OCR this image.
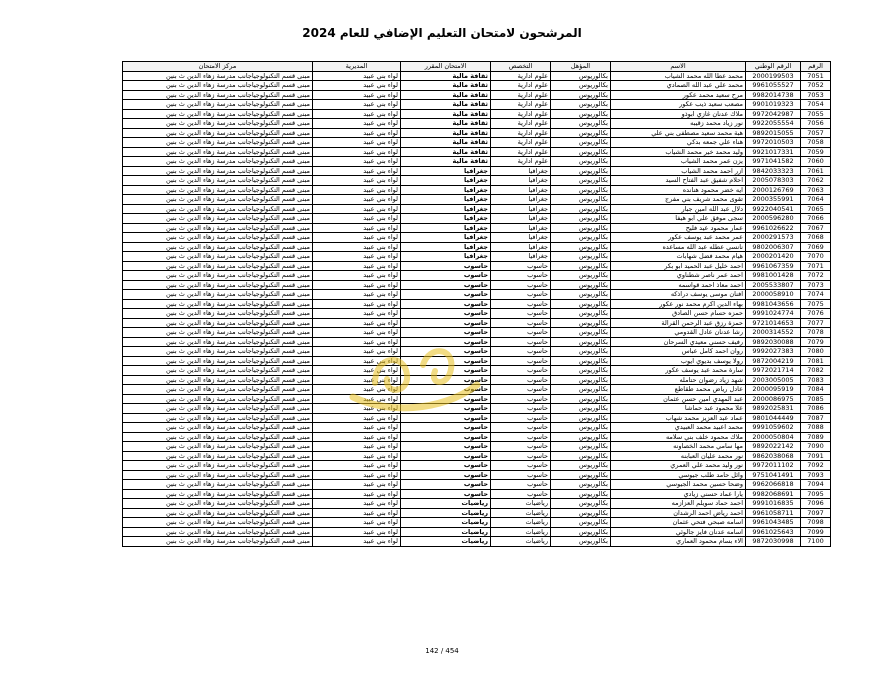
المرشحون لامتحان التعليم الإضافي للعام 2024
الرقم	الرقم الوطني	الاسم	المؤهل	التخصص	الامتحان المقرر	المديرية	مركز الامتحان
7051	2000199503	محمد عطا الله محمد الشياب	بكالوريوس	علوم ادارية	ثقافة مالية	لواء بني عبيد	مبنى قسم التكنولوجياجانب مدرسة زهاء الدين ث بنين
7052	9961055527	محمد علي عبد الله الصمادي	بكالوريوس	علوم ادارية	ثقافة مالية	لواء بني عبيد	مبنى قسم التكنولوجياجانب مدرسة زهاء الدين ث بنين
7053	9982014738	مرح سعيد محمد عكور	بكالوريوس	علوم ادارية	ثقافة مالية	لواء بني عبيد	مبنى قسم التكنولوجياجانب مدرسة زهاء الدين ث بنين
7054	9901019323	مصعب سعيد ذيب عكور	بكالوريوس	علوم ادارية	ثقافة مالية	لواء بني عبيد	مبنى قسم التكنولوجياجانب مدرسة زهاء الدين ث بنين
7055	9972042987	ملاك عدنان غازي ابوذو	بكالوريوس	علوم ادارية	ثقافة مالية	لواء بني عبيد	مبنى قسم التكنولوجياجانب مدرسة زهاء الدين ث بنين
7056	9922055554	نور زياد محمد زقيبه	بكالوريوس	علوم ادارية	ثقافة مالية	لواء بني عبيد	مبنى قسم التكنولوجياجانب مدرسة زهاء الدين ث بنين
7057	9892015055	هبة محمد سعيد مصطفى بني علي	بكالوريوس	علوم ادارية	ثقافة مالية	لواء بني عبيد	مبنى قسم التكنولوجياجانب مدرسة زهاء الدين ث بنين
7058	9972010503	هناء علي جمعه بدكي	بكالوريوس	علوم ادارية	ثقافة مالية	لواء بني عبيد	مبنى قسم التكنولوجياجانب مدرسة زهاء الدين ث بنين
7059	9921017331	وليد محمد خير محمد الشياب	بكالوريوس	علوم ادارية	ثقافة مالية	لواء بني عبيد	مبنى قسم التكنولوجياجانب مدرسة زهاء الدين ث بنين
7060	9971041582	يزن عمر محمد الشياب	بكالوريوس	علوم ادارية	ثقافة مالية	لواء بني عبيد	مبنى قسم التكنولوجياجانب مدرسة زهاء الدين ث بنين
7061	9842033323	ازر احمد محمد الشياب	بكالوريوس	جغرافيا	جغرافيا	لواء بني عبيد	مبنى قسم التكنولوجياجانب مدرسة زهاء الدين ث بنين
7062	2005078303	احلام شفيق عبد الفتاح السيد	بكالوريوس	جغرافيا	جغرافيا	لواء بني عبيد	مبنى قسم التكنولوجياجانب مدرسة زهاء الدين ث بنين
7063	2000126769	ايه خضر محمود هنانده	بكالوريوس	جغرافيا	جغرافيا	لواء بني عبيد	مبنى قسم التكنولوجياجانب مدرسة زهاء الدين ث بنين
7064	2000355991	تقوى محمد شريف بني مفرج	بكالوريوس	جغرافيا	جغرافيا	لواء بني عبيد	مبنى قسم التكنولوجياجانب مدرسة زهاء الدين ث بنين
7065	9922040541	دلال عبد الله امين جبار	بكالوريوس	جغرافيا	جغرافيا	لواء بني عبيد	مبنى قسم التكنولوجياجانب مدرسة زهاء الدين ث بنين
7066	2000596280	سجى موفق علي ابو هيفا	بكالوريوس	جغرافيا	جغرافيا	لواء بني عبيد	مبنى قسم التكنولوجياجانب مدرسة زهاء الدين ث بنين
7067	9961026622	عمار محمود عيد فليح	بكالوريوس	جغرافيا	جغرافيا	لواء بني عبيد	مبنى قسم التكنولوجياجانب مدرسة زهاء الدين ث بنين
7068	2000291573	عمر محمد عبد يوسف عكور	بكالوريوس	جغرافيا	جغرافيا	لواء بني عبيد	مبنى قسم التكنولوجياجانب مدرسة زهاء الدين ث بنين
7069	9802006307	نانسي عطله عبد الله مساعده	بكالوريوس	جغرافيا	جغرافيا	لواء بني عبيد	مبنى قسم التكنولوجياجانب مدرسة زهاء الدين ث بنين
7070	2000201420	هيام محمد فضل شهابات	بكالوريوس	جغرافيا	جغرافيا	لواء بني عبيد	مبنى قسم التكنولوجياجانب مدرسة زهاء الدين ث بنين
7071	9961067359	احمد خليل عبد الحميد ابو بكر	بكالوريوس	حاسوب	حاسوب	لواء بني عبيد	مبنى قسم التكنولوجياجانب مدرسة زهاء الدين ث بنين
7072	9981001428	احمد عمر ناصر شطناوي	بكالوريوس	حاسوب	حاسوب	لواء بني عبيد	مبنى قسم التكنولوجياجانب مدرسة زهاء الدين ث بنين
7073	2005533807	احمد معاذ احمد قواسمه	بكالوريوس	حاسوب	حاسوب	لواء بني عبيد	مبنى قسم التكنولوجياجانب مدرسة زهاء الدين ث بنين
7074	2000058910	افنان موسى يوسف دراذكه	بكالوريوس	حاسوب	حاسوب	لواء بني عبيد	مبنى قسم التكنولوجياجانب مدرسة زهاء الدين ث بنين
7075	9981043656	بهاء الدين اكرم محمد نور عكور	بكالوريوس	حاسوب	حاسوب	لواء بني عبيد	مبنى قسم التكنولوجياجانب مدرسة زهاء الدين ث بنين
7076	9991024774	حمزه حسام حسن الصادق	بكالوريوس	حاسوب	حاسوب	لواء بني عبيد	مبنى قسم التكنولوجياجانب مدرسة زهاء الدين ث بنين
7077	9721014653	حمزة رزق عبد الرحمن القرالة	بكالوريوس	حاسوب	حاسوب	لواء بني عبيد	مبنى قسم التكنولوجياجانب مدرسة زهاء الدين ث بنين
7078	2000314552	رشا عدنان عادل القدومي	بكالوريوس	حاسوب	حاسوب	لواء بني عبيد	مبنى قسم التكنولوجياجانب مدرسة زهاء الدين ث بنين
7079	9892030088	رفيف حسني معيدي السرحان	بكالوريوس	حاسوب	حاسوب	لواء بني عبيد	مبنى قسم التكنولوجياجانب مدرسة زهاء الدين ث بنين
7080	9992027383	روان احمد كامل عباس	بكالوريوس	حاسوب	حاسوب	لواء بني عبيد	مبنى قسم التكنولوجياجانب مدرسة زهاء الدين ث بنين
7081	9872004219	رولا يوسف بديوي ايوب	بكالوريوس	حاسوب	حاسوب	لواء بني عبيد	مبنى قسم التكنولوجياجانب مدرسة زهاء الدين ث بنين
7082	9972021714	سارة محمد عبد يوسف عكور	بكالوريوس	حاسوب	حاسوب	لواء بني عبيد	مبنى قسم التكنولوجياجانب مدرسة زهاء الدين ث بنين
7083	2003005005	شهد زياد رضوان حتامله	بكالوريوس	حاسوب	حاسوب	لواء بني عبيد	مبنى قسم التكنولوجياجانب مدرسة زهاء الدين ث بنين
7084	2000095919	عادل رياض محمد طقاطع	بكالوريوس	حاسوب	حاسوب	لواء بني عبيد	مبنى قسم التكنولوجياجانب مدرسة زهاء الدين ث بنين
7085	2000086975	عبد المهدي امين حسن عثمان	بكالوريوس	حاسوب	حاسوب	لواء بني عبيد	مبنى قسم التكنولوجياجانب مدرسة زهاء الدين ث بنين
7086	9892025831	علا محمود عبد حماشا	بكالوريوس	حاسوب	حاسوب	لواء بني عبيد	مبنى قسم التكنولوجياجانب مدرسة زهاء الدين ث بنين
7087	9801044449	عماد عبد العزيز محمد شهاب	بكالوريوس	حاسوب	حاسوب	لواء بني عبيد	مبنى قسم التكنولوجياجانب مدرسة زهاء الدين ث بنين
7088	9991059602	محمد اعبيد محمد العبيدي	بكالوريوس	حاسوب	حاسوب	لواء بني عبيد	مبنى قسم التكنولوجياجانب مدرسة زهاء الدين ث بنين
7089	2000050804	ملاك محمود خلف بني سلامه	بكالوريوس	حاسوب	حاسوب	لواء بني عبيد	مبنى قسم التكنولوجياجانب مدرسة زهاء الدين ث بنين
7090	9892022142	مها سامي محمد الخصاونه	بكالوريوس	حاسوب	حاسوب	لواء بني عبيد	مبنى قسم التكنولوجياجانب مدرسة زهاء الدين ث بنين
7091	9862038068	نور محمد عليان العبابنه	بكالوريوس	حاسوب	حاسوب	لواء بني عبيد	مبنى قسم التكنولوجياجانب مدرسة زهاء الدين ث بنين
7092	9972011102	نور وليد محمد علي العمري	بكالوريوس	حاسوب	حاسوب	لواء بني عبيد	مبنى قسم التكنولوجياجانب مدرسة زهاء الدين ث بنين
7093	9751041491	وائل حامد طلب جيوسي	بكالوريوس	حاسوب	حاسوب	لواء بني عبيد	مبنى قسم التكنولوجياجانب مدرسة زهاء الدين ث بنين
7094	9962066818	وضحا حسين محمد الجيوسي	بكالوريوس	حاسوب	حاسوب	لواء بني عبيد	مبنى قسم التكنولوجياجانب مدرسة زهاء الدين ث بنين
7095	9982068691	يارا عماد حسني زيادي	بكالوريوس	حاسوب	حاسوب	لواء بني عبيد	مبنى قسم التكنولوجياجانب مدرسة زهاء الدين ث بنين
7096	9991016835	احمد حماد سويلم العزازمه	بكالوريوس	رياضيات	رياضيات	لواء بني عبيد	مبنى قسم التكنولوجياجانب مدرسة زهاء الدين ث بنين
7097	9961058711	احمد رياض احمد الرشدان	بكالوريوس	رياضيات	رياضيات	لواء بني عبيد	مبنى قسم التكنولوجياجانب مدرسة زهاء الدين ث بنين
7098	9961043485	اسامه صبحي فتحي عثمان	بكالوريوس	رياضيات	رياضيات	لواء بني عبيد	مبنى قسم التكنولوجياجانب مدرسة زهاء الدين ث بنين
7099	9961025643	اسامه عدنان فايز جالوئي	بكالوريوس	رياضيات	رياضيات	لواء بني عبيد	مبنى قسم التكنولوجياجانب مدرسة زهاء الدين ث بنين
7100	9872030998	الاء بسام محمود العماري	بكالوريوس	رياضيات	رياضيات	لواء بني عبيد	مبنى قسم التكنولوجياجانب مدرسة زهاء الدين ث بنين
142 / 454
